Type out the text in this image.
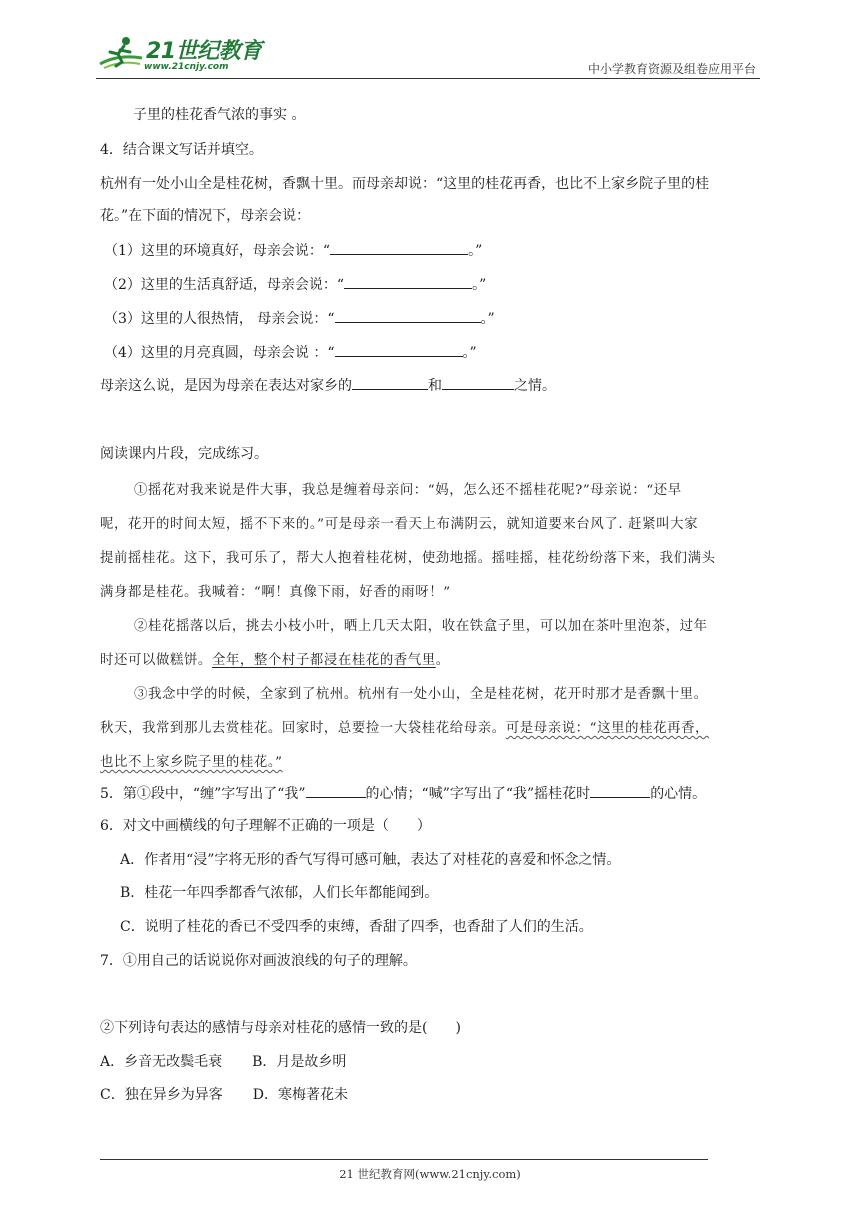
21世纪教育
www.21cnjy.com	中小学教育资源及组卷应用平台
子里的桂花香气浓的事实 。
4．结合课文写话并填空。
杭州有一处小山全是桂花树，香飘十里。而母亲却说：“这里的桂花再香，也比不上家乡院子里的桂
花。”在下面的情况下，母亲会说：
（1）这里的环境真好，母亲会说：“	。”
（2）这里的生活真舒适，母亲会说：“	。”
（3）这里的人很热情， 母亲会说：“	。”
（4）这里的月亮真圆，母亲会说 ：“	。”
母亲这么说，是因为母亲在表达对家乡的	和	之情。
阅读课内片段，完成练习。
①摇花对我来说是件大事，我总是缠着母亲问：“妈，怎么还不摇桂花呢?”母亲说：“还早
呢，花开的时间太短，摇不下来的。”可是母亲一看天上布满阴云，就知道要来台风了. 赶紧叫大家
提前摇桂花。这下，我可乐了，帮大人抱着桂花树，使劲地摇。摇哇摇，桂花纷纷落下来，我们满头
满身都是桂花。我喊着：“啊！真像下雨，好香的雨呀！”
②桂花摇落以后，挑去小枝小叶，晒上几天太阳，收在铁盒子里，可以加在茶叶里泡茶，过年
时还可以做糕饼。全年，整个村子都浸在桂花的香气里。
③我念中学的时候，全家到了杭州。杭州有一处小山，全是桂花树，花开时那才是香飘十里。
秋天，我常到那儿去赏桂花。回家时，总要捡一大袋桂花给母亲。可是母亲说：“这里的桂花再香，
也比不上家乡院子里的桂花。”
5．第①段中，“缠”字写出了“我”	的心情；“喊”字写出了“我”摇桂花时	的心情。
6．对文中画横线的句子理解不正确的一项是（　　）
A．作者用“浸”字将无形的香气写得可感可触，表达了对桂花的喜爱和怀念之情。
B．桂花一年四季都香气浓郁，人们长年都能闻到。
C．说明了桂花的香已不受四季的束缚，香甜了四季，也香甜了人们的生活。
7．①用自己的话说说你对画波浪线的句子的理解。
②下列诗句表达的感情与母亲对桂花的感情一致的是(　　)
A．乡音无改鬓毛衰 B．月是故乡明
C．独在异乡为异客 D．寒梅著花未
21 世纪教育网(www.21cnjy.com)
